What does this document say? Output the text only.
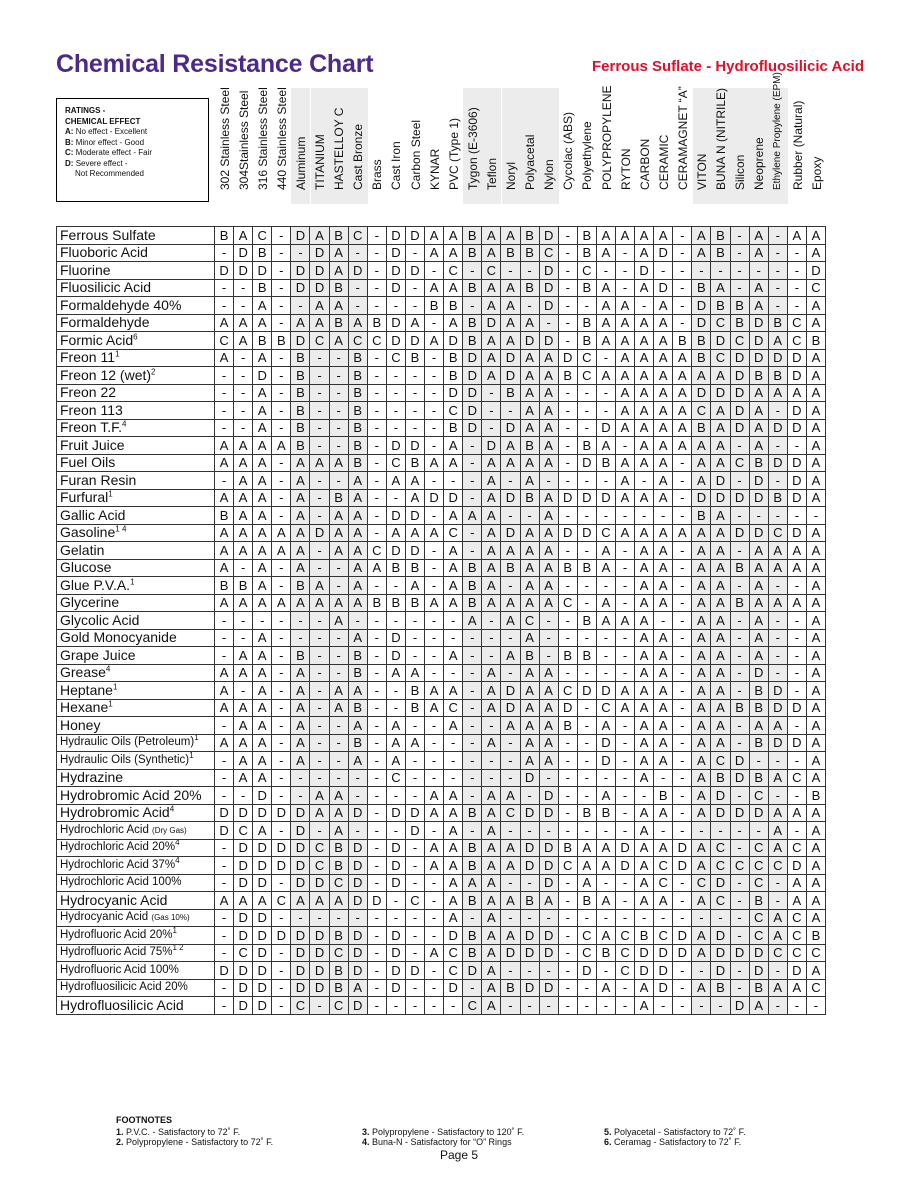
Chemical Resistance Chart	Ferrous Suflate - Hydrofluosilicic Acid
RATINGS -
CHEMICAL EFFECT
A: No effect - Excellent
B: Minor effect - Good
C: Moderate effect - Fair
D: Severe effect -
Not Recommended	302 Stainless Steel 304Stainless Steel 316 Stainless Steel 440 Stainless Steel Aluminum TITANIUM HASTELLOY C Cast Bronze Brass Cast Iron Carbon Steel KYNAR PVC (Type 1) Tygon (E-3606) Teflon Noryl Polyacetal Nylon Cycolac (ABS) Polyethylene POLYPROPYLENE RYTON CARBON CERAMIC CERAMAGNET “A” VITON BUNA N (NITRILE) Silicon Neoprene Ethylene Propylene (EPM) Rubber (Natural) Epoxy
Ferrous Sulfate	B	A	C	-	D	A	B	C	-	D	D	A	A	B	A	A	B	D	-	B	A	A	A	A	-	A	B	-	A	-	A	A
Fluoboric Acid	-	D	B	-	-	D	A	-	-	D	-	A	A	B	A	B	B	C	-	B	A	-	A	D	-	A	B	-	A	-	-	A
Fluorine	D	D	D	-	D	D	A	D	-	D	D	-	C	-	C	-	-	D	-	C	-	-	D	-	-	-	-	-	-	-	-	D
Fluosilicic Acid	-	-	B	-	D	D	B	-	-	D	-	A	A	B	A	A	B	D	-	B	A	-	A	D	-	B	A	-	A	-	-	C
Formaldehyde 40%	-	-	A	-	-	A	A	-	-	-	-	B	B	-	A	A	-	D	-	-	A	A	-	A	-	D	B	B	A	-	-	A
Formaldehyde	A	A	A	-	A	A	B	A	B	D	A	-	A	B	D	A	A	-	-	B	A	A	A	A	-	D	C	B	D	B	C	A
Formic Acid$^6$	C	A	B	B	D	C	A	C	C	D	D	A	D	B	A	A	D	D	-	B	A	A	A	A	B	B	D	C	D	A	C	B
Freon $11^1$	A	-	A	-	B	-	-	B	-	C	B	-	B	D	A	D	A	A	D	C	-	A	A	A	A	B	C	D	D	D	D	A
Freon 12 (wet)$^2$	-	-	D	-	B	-	-	B	-	-	-	-	B	D	A	D	A	A	B	C	A	A	A	A	A	A	A	D	B	B	D	A
Freon 22	-	-	A	-	B	-	-	B	-	-	-	-	D	D	-	B	A	A	-	-	-	A	A	A	A	D	D	D	A	A	A	A
Freon 113	-	-	A	-	B	-	-	B	-	-	-	-	C	D	-	-	A	A	-	-	-	A	A	A	A	C	A	D	A	-	D	A
Freon T.F.$^4$	-	-	A	-	B	-	-	B	-	-	-	-	B	D	-	D	A	A	-	-	D	A	A	A	A	B	A	D	A	D	D	A
Fruit Juice	A	A	A	A	B	-	-	B	-	D	D	-	A	-	D	A	B	A	-	B	A	-	A	A	A	A	A	-	A	-	-	A
Fuel Oils	A	A	A	-	A	A	A	B	-	C	B	A	A	-	A	A	A	A	-	D	B	A	A	A	-	A	A	C	B	D	D	A
Furan Resin	-	A	A	-	A	-	-	A	-	A	A	-	-	-	A	-	A	-	-	-	-	A	-	A	-	A	D	-	D	-	D	A
Furfural$^1$	A	A	A	-	A	-	B	A	-	-	A	D	D	-	A	D	B	A	D	D	D	A	A	A	-	D	D	D	D	B	D	A
Gallic Acid	B	A	A	-	A	-	A	A	-	D	D	-	A	A	A	-	-	A	-	-	-	-	-	-	-	B	A	-	-	-	-	-
Gasoline$^{1 4}$	A	A	A	A	A	D	A	A	-	A	A	A	C	-	A	D	A	A	D	D	C	A	A	A	A	A	A	D	D	C	D	A
Gelatin	A	A	A	A	A	-	A	A	C	D	D	-	A	-	A	A	A	A	-	-	A	-	A	A	-	A	A	-	A	A	A	A
Glucose	A	-	A	-	A	-	-	A	A	B	B	-	A	B	A	B	A	A	B	B	A	-	A	A	-	A	A	B	A	A	A	A
Glue P.V.A.$^1$	B	B	A	-	B	A	-	A	-	-	A	-	A	B	A	-	A	A	-	-	-	-	A	A	-	A	A	-	A	-	-	A
Glycerine	A	A	A	A	A	A	A	A	B	B	B	A	A	B	A	A	A	A	C	-	A	-	A	A	-	A	A	B	A	A	A	A
Glycolic Acid	-	-	-	-	-	-	A	-	-	-	-	-	-	A	-	A	C	-	-	B	A	A	A	-	-	A	A	-	A	-	-	A
Gold Monocyanide	-	-	A	-	-	-	-	A	-	D	-	-	-	-	-	-	A	-	-	-	-	-	A	A	-	A	A	-	A	-	-	A
Grape Juice	-	A	A	-	B	-	-	B	-	D	-	-	A	-	-	A	B	-	B	B	-	-	A	A	-	A	A	-	A	-	-	A
Grease$^4$	A	A	A	-	A	-	-	B	-	A	A	-	-	-	A	-	A	A	-	-	-	-	A	A	-	A	A	-	D	-	-	A
Heptane$^1$	A	-	A	-	A	-	A	A	-	-	B	A	A	-	A	D	A	A	C	D	D	A	A	A	-	A	A	-	B	D	-	A
Hexane$^1$	A	A	A	-	A	-	A	B	-	-	B	A	C	-	A	D	A	A	D	-	C	A	A	A	-	A	A	B	B	D	D	A
Honey	-	A	A	-	A	-	-	A	-	A	-	-	A	-	-	A	A	A	B	-	A	-	A	A	-	A	A	-	A	A	-	A
Hydraulic Oils (Petroleum)$^1$	A	A	A	-	A	-	-	B	-	A	A	-	-	-	A	-	A	A	-	-	D	-	A	A	-	A	A	-	B	D	D	A
Hydraulic Oils (Synthetic)$^1$	-	A	A	-	A	-	-	A	-	A	-	-	-	-	-	-	A	A	-	-	D	-	A	A	-	A	C	D	-	-	-	A
Hydrazine	-	A	A	-	-	-	-	-	-	C	-	-	-	-	-	-	D	-	-	-	-	-	A	-	-	A	B	D	B	A	C	A
Hydrobromic Acid 20%	-	-	D	-	-	A	A	-	-	-	-	A	A	-	A	A	-	D	-	-	A	-	-	B	-	A	D	-	C	-	-	B
Hydrobromic Acid$^4$	D	D	D	D	D	A	A	D	-	D	D	A	A	B	A	C	D	D	-	B	B	-	A	A	-	A	D	D	D	A	A	A
Hydrochloric Acid (Dry Gas)	D	C	A	-	D	-	A	-	-	-	D	-	A	-	A	-	-	-	-	-	-	-	A	-	-	-	-	-	-	A	-	A
Hydrochloric Acid 20%$^4$	-	D	D	D	D	C	B	D	-	D	-	A	A	B	A	A	D	D	B	A	A	D	A	A	D	A	C	-	C	A	C	A
Hydrochloric Acid 37%$^4$	-	D	D	D	D	C	B	D	-	D	-	A	A	B	A	A	D	D	C	A	A	D	A	C	D	A	C	C	C	C	D	A
Hydrochloric Acid 100%	-	D	D	-	D	D	C	D	-	D	-	-	A	A	A	-	-	D	-	A	-	-	A	C	-	C	D	-	C	-	A	A
Hydrocyanic Acid	A	A	A	C	A	A	A	D	D	-	C	-	A	B	A	A	B	A	-	B	A	-	A	A	-	A	C	-	B	-	A	A
Hydrocyanic Acid (Gas 10%)	-	D	D	-	-	-	-	-	-	-	-	-	A	-	A	-	-	-	-	-	-	-	-	-	-	-	-	-	C	A	C	A
Hydrofluoric Acid 20%$^1$	-	D	D	D	D	D	B	D	-	D	-	-	D	B	A	A	D	D	-	C	A	C	B	C	D	A	D	-	C	A	C	B
Hydrofluoric Acid 75%$^{1 2}$	-	C	D	-	D	D	C	D	-	D	-	A	C	B	A	D	D	D	-	C	B	C	D	D	D	A	D	D	D	C	C	C
Hydrofluoric Acid 100%	D	D	D	-	D	D	B	D	-	D	D	-	C	D	A	-	-	-	-	D	-	C	D	D	-	-	D	-	D	-	D	A
Hydrofluosilicic Acid 20%	-	D	D	-	D	D	B	A	-	D	-	-	D	-	A	B	D	D	-	-	A	-	A	D	-	A	B	-	B	A	A	C
Hydrofluosilicic Acid	-	D	D	-	C	-	C	D	-	-	-	-	-	C	A	-	-	-	-	-	-	-	A	-	-	-	-	D	A	-	-	-
FOOTNOTES
1. P.V.C. - Satisfactory to 72˚ F.
2. Polypropylene - Satisfactory to 72˚ F.
3. Polypropylene - Satisfactory to 120˚ F.
4. Buna-N - Satisfactory for “O” Rings
5. Polyacetal - Satisfactory to 72˚ F.
6. Ceramag - Satisfactory to 72˚ F.
Page 5
